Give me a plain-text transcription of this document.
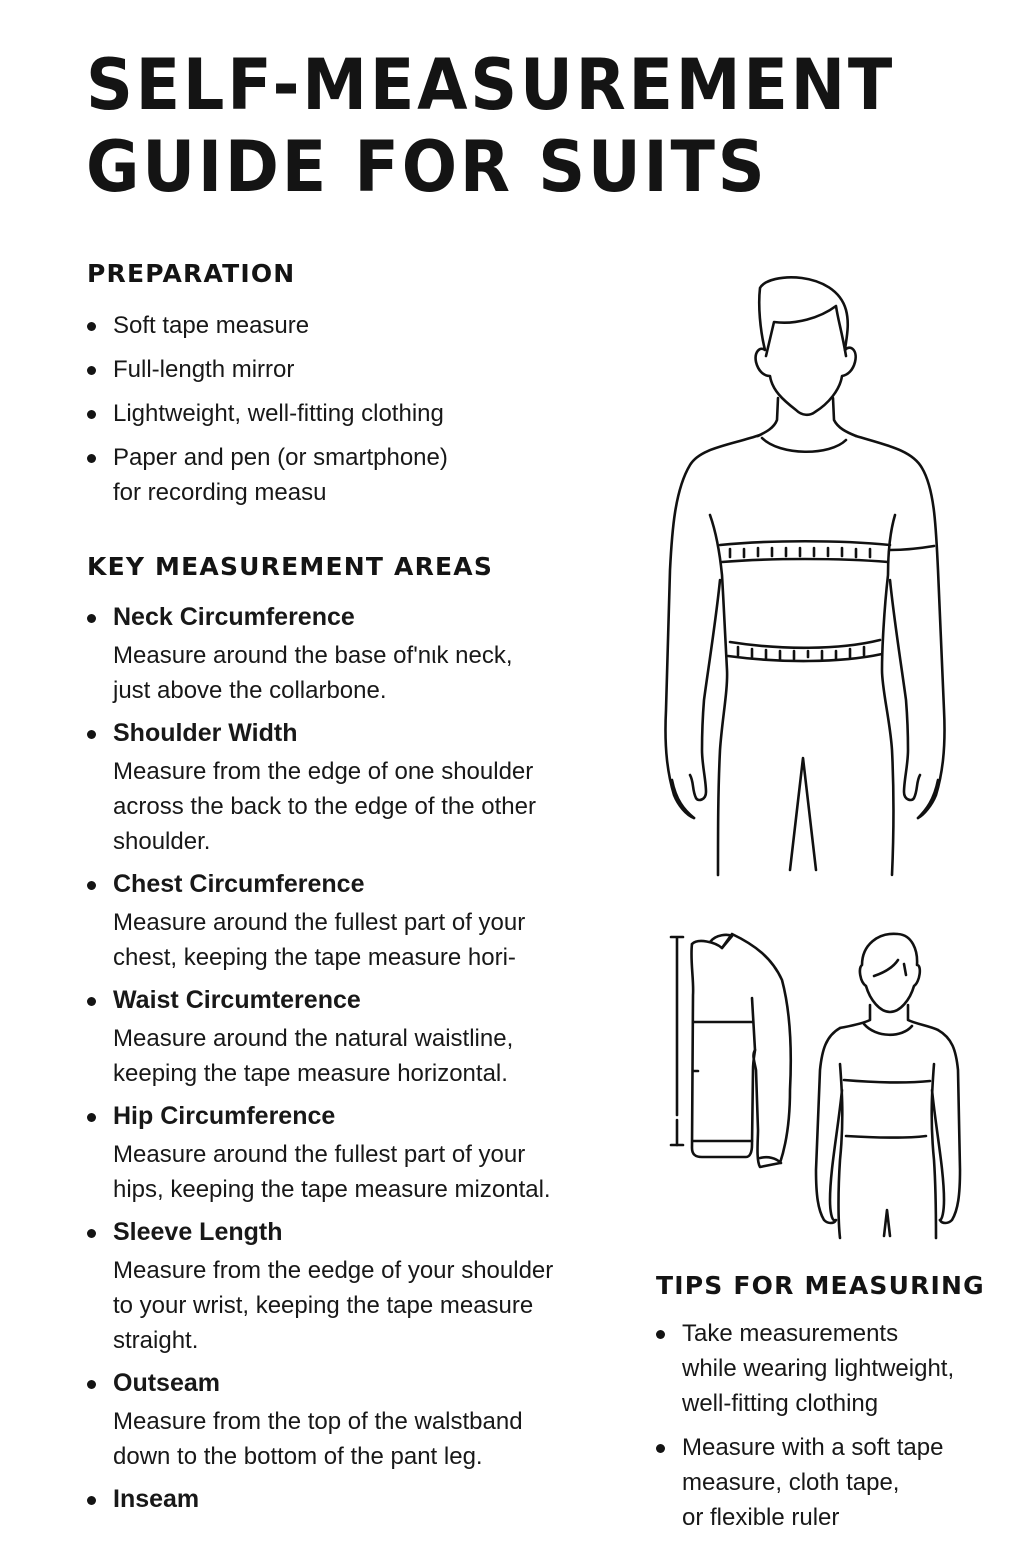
SELF-MEASUREMENT
GUIDE FOR SUITS
PREPARATION
Soft tape measure
Full-length mirror
Lightweight, well-fitting clothing
Paper and pen (or smartphone)
for recording measu
KEY MEASUREMENT AREAS
Neck Circumference
Measure around the base of'nιk neck,
just above the collarbone.
Shoulder Width
Measure from the edge of one shoulder
across the back to the edge of the other
shoulder.
Chest Circumference
Measure around the fullest part of your
chest, keeping the tape measure hori-
Waist Circumterence
Measure around the natural waistline,
keeping the tape measure horizontal.
Hip Circumference
Measure around the fullest part of your
hips, keeping the tape measure mizontal.
Sleeve Length
Measure from the eedge of your shoulder
to your wrist, keeping the tape measure
straight.
Outseam
Measure from the top of the walstband
down to the bottom of the pant leg.
Inseam
TIPS FOR MEASURING
Take measurements
while wearing lightweight,
well-fitting clothing
Measure with a soft tape
measure, cloth tape,
or flexible ruler
